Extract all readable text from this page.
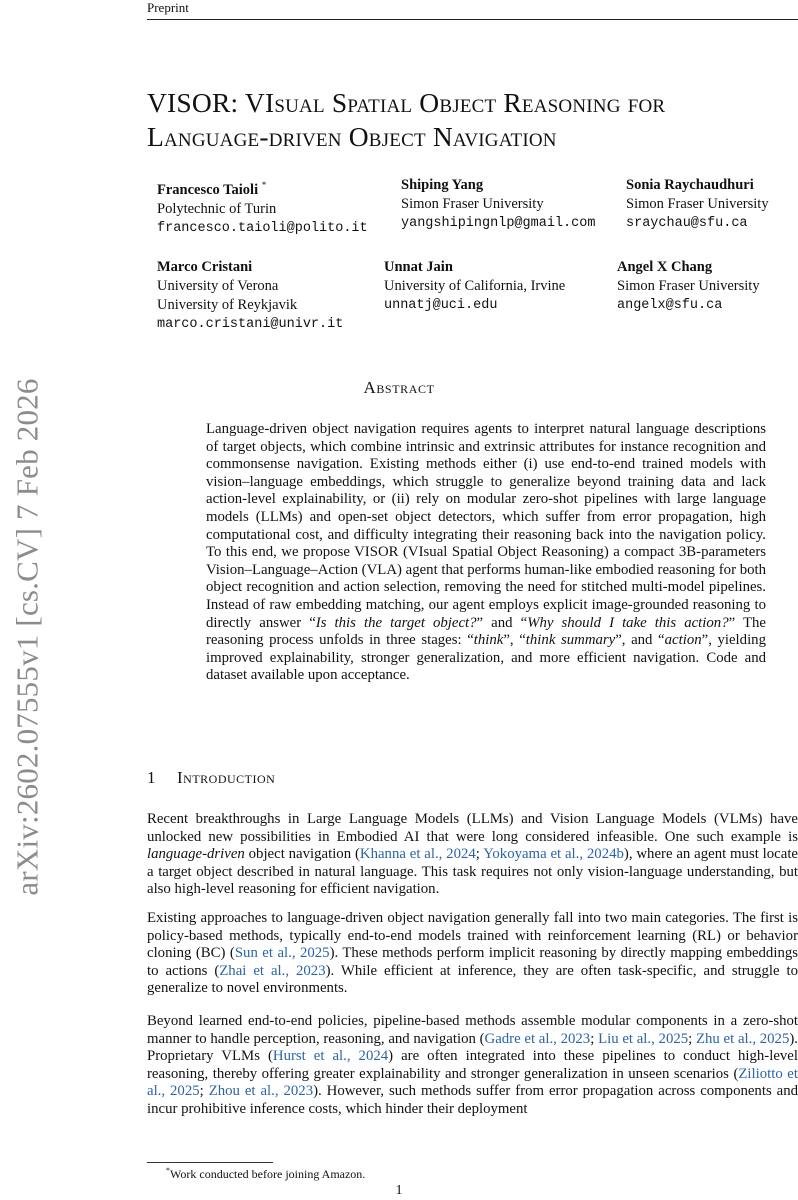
Preprint
arXiv:2602.07555v1 [cs.CV] 7 Feb 2026
VISOR: VIsual Spatial Object Reasoning for
Language-driven Object Navigation
Francesco Taioli *
Polytechnic of Turin
francesco.taioli@polito.it
Shiping Yang
Simon Fraser University
yangshipingnlp@gmail.com
Sonia Raychaudhuri
Simon Fraser University
sraychau@sfu.ca
Marco Cristani
University of Verona
University of Reykjavik
marco.cristani@univr.it
Unnat Jain
University of California, Irvine
unnatj@uci.edu
Angel X Chang
Simon Fraser University
angelx@sfu.ca
Abstract

Language-driven object navigation requires agents to interpret natural language descriptions of target objects, which combine intrinsic and extrinsic attributes for instance recognition and commonsense navigation. Existing methods either (i) use end-to-end trained models with vision–language embeddings, which struggle to generalize beyond training data and lack action-level explainability, or (ii) rely on modular zero-shot pipelines with large language models (LLMs) and open-set object detectors, which suffer from error propagation, high computational cost, and difficulty integrating their reasoning back into the navigation policy. To this end, we propose VISOR (VIsual Spatial Object Reasoning) a compact 3B-parameters Vision–Language–Action (VLA) agent that performs human-like embodied reasoning for both object recognition and action selection, removing the need for stitched multi-model pipelines. Instead of raw embedding matching, our agent employs explicit image-grounded reasoning to directly answer “Is this the target object?” and “Why should I take this action?” The reasoning process unfolds in three stages: “think”, “think summary”, and “action”, yielding improved explainability, stronger generalization, and more efficient navigation. Code and dataset available upon acceptance.

1 Introduction

Recent breakthroughs in Large Language Models (LLMs) and Vision Language Models (VLMs) have unlocked new possibilities in Embodied AI that were long considered infeasible. One such example is language-driven object navigation (Khanna et al., 2024; Yokoyama et al., 2024b), where an agent must locate a target object described in natural language. This task requires not only vision-language understanding, but also high-level reasoning for efficient navigation.

Existing approaches to language-driven object navigation generally fall into two main categories. The first is policy-based methods, typically end-to-end models trained with reinforcement learning (RL) or behavior cloning (BC) (Sun et al., 2025). These methods perform implicit reasoning by directly mapping embeddings to actions (Zhai et al., 2023). While efficient at inference, they are often task-specific, and struggle to generalize to novel environments.

Beyond learned end-to-end policies, pipeline-based methods assemble modular components in a zero-shot manner to handle perception, reasoning, and navigation (Gadre et al., 2023; Liu et al., 2025; Zhu et al., 2025). Proprietary VLMs (Hurst et al., 2024) are often integrated into these pipelines to conduct high-level reasoning, thereby offering greater explainability and stronger generalization in unseen scenarios (Ziliotto et al., 2025; Zhou et al., 2023). However, such methods suffer from error propagation across components and incur prohibitive inference costs, which hinder their deployment

*Work conducted before joining Amazon.
1
